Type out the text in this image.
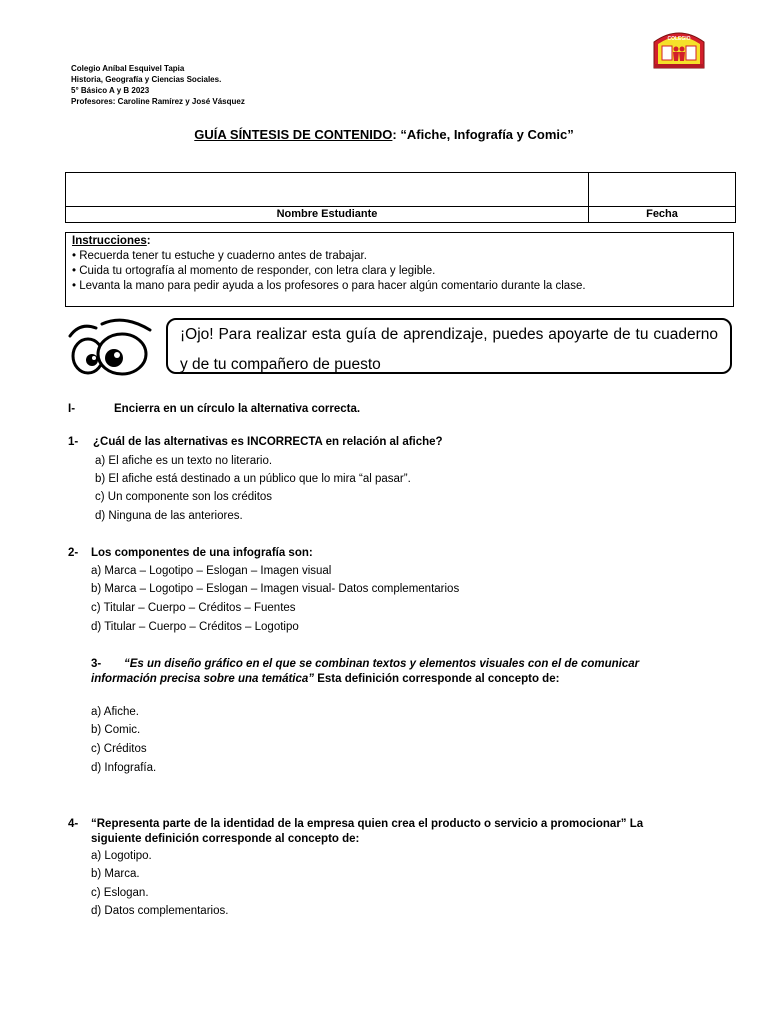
Colegio Aníbal Esquivel Tapia
Historia, Geografía y Ciencias Sociales.
5° Básico A y B 2023
Profesores: Caroline Ramírez y José Vásquez
COLEGIO
GUÍA SÍNTESIS DE CONTENIDO: “Afiche, Infografía y Comic”
Nombre Estudiante	Fecha
Instrucciones:
• Recuerda tener tu estuche y cuaderno antes de trabajar.
• Cuida tu ortografía al momento de responder, con letra clara y legible.
• Levanta la mano para pedir ayuda a los profesores o para hacer algún comentario durante la clase.
¡Ojo! Para realizar esta guía de aprendizaje, puedes apoyarte de tu cuaderno y de tu compañero de puesto
I-	Encierra en un círculo la alternativa correcta.
1- ¿Cuál de las alternativas es INCORRECTA en relación al afiche?
a) El afiche es un texto no literario.
b) El afiche está destinado a un público que lo mira “al pasar”.
c) Un componente son los créditos
d) Ninguna de las anteriores.
2- Los componentes de una infografía son:
a) Marca – Logotipo – Eslogan – Imagen visual
b) Marca – Logotipo – Eslogan – Imagen visual- Datos complementarios
c) Titular – Cuerpo – Créditos – Fuentes
d) Titular – Cuerpo – Créditos – Logotipo
3- “Es un diseño gráfico en el que se combinan textos y elementos visuales con el de comunicar
información precisa sobre una temática” Esta definición corresponde al concepto de:
a) Afiche.
b) Comic.
c) Créditos
d) Infografía.
4- “Representa parte de la identidad de la empresa quien crea el producto o servicio a promocionar” La
siguiente definición corresponde al concepto de:
a) Logotipo.
b) Marca.
c) Eslogan.
d) Datos complementarios.
